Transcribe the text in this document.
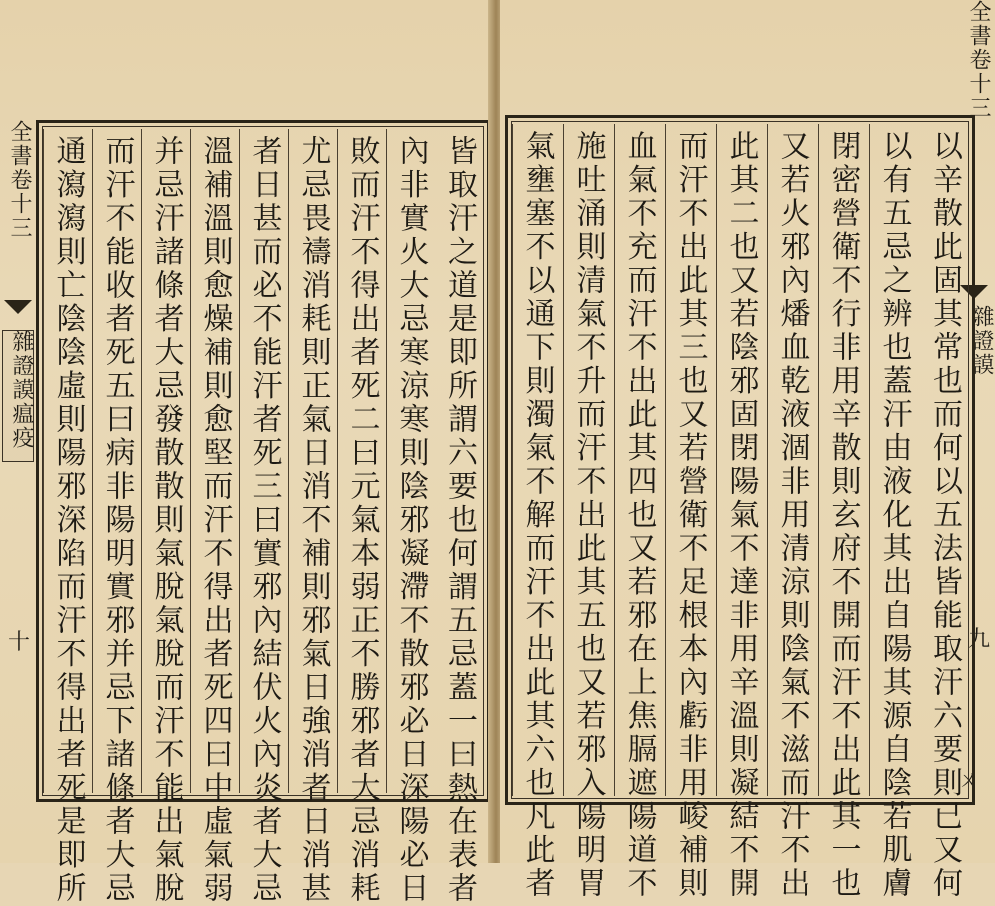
全書卷十三
雜證謨瘟疫
十	皆取汗之道是即所謂六要也何謂五忌蓋一曰熱在表者
內非實火大忌寒涼寒則陰邪凝滯不散邪必日深陽必日
敗而汗不得出者死二曰元氣本弱正不勝邪者大忌消耗
尤忌畏禱消耗則正氣日消不補則邪氣日強消者日消甚
者日甚而必不能汗者死三曰實邪內結伏火內炎者大忌
溫補溫則愈燥補則愈堅而汗不得出者死四曰中虛氣弱
并忌汗諸條者大忌發散散則氣脫氣脫而汗不能出氣脫
而汗不能收者死五曰病非陽明實邪并忌下諸條者大忌
通瀉瀉則亡陰陰虛則陽邪深陷而汗不得出者死是即所
全書卷十三
雜證謨
九
ㄨ
以辛散此固其常也而何以五法皆能取汗六要則已又何
以有五忌之辨也蓋汗由液化其出自陽其源自陰若肌膚
閉密營衛不行非用辛散則玄府不開而汗不出此其一也
又若火邪內燔血乾液涸非用清涼則陰氣不滋而汗不出
此其二也又若陰邪固閉陽氣不達非用辛溫則凝結不開
而汗不出此其三也又若營衛不足根本內虧非用峻補則
血氣不充而汗不出此其四也又若邪在上焦膈遮陽道不
施吐涌則清氣不升而汗不出此其五也又若邪入陽明胃
氣壅塞不以通下則濁氣不解而汗不出此其六也凡此者
